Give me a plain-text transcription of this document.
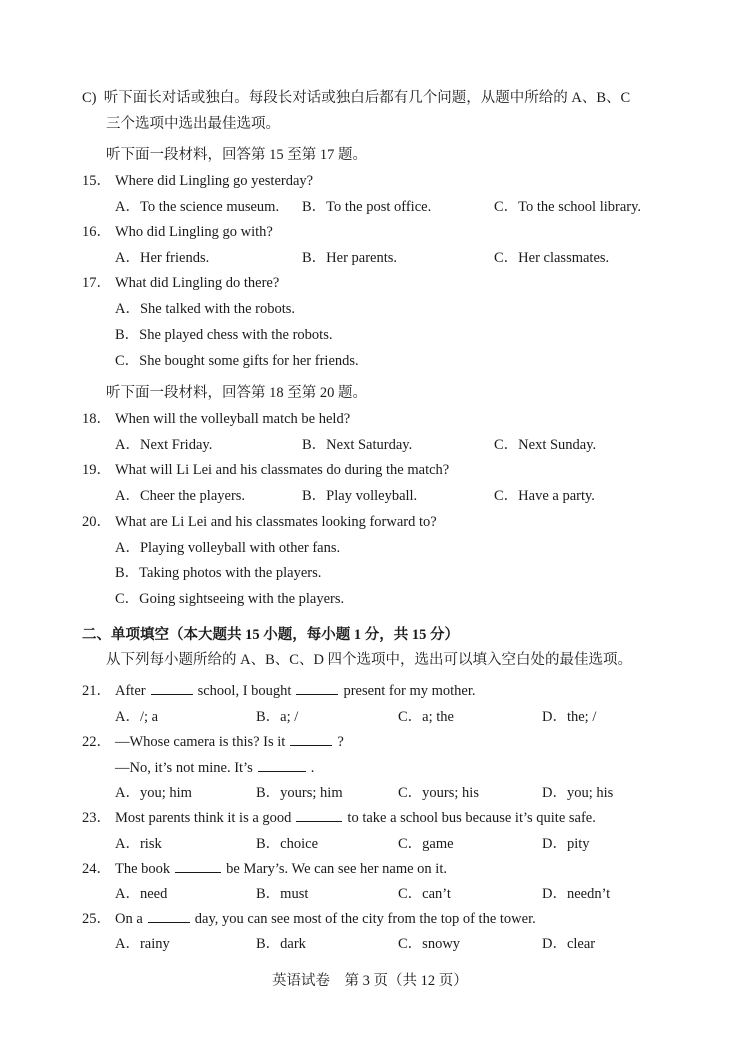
C)  听下面长对话或独白。每段长对话或独白后都有几个问题，从题中所给的 A、B、C
三个选项中选出最佳选项。
听下面一段材料，回答第 15 至第 17 题。
15． Where did Lingling go yesterday?
A．To the science museum. B．To the post office.	C．To the school library.
16． Who did Lingling go with?
A．Her friends.	B．Her parents.	C．Her classmates.
17． What did Lingling do there?
A．She talked with the robots.
B．She played chess with the robots.
C．She bought some gifts for her friends.
听下面一段材料，回答第 18 至第 20 题。
18． When will the volleyball match be held?
A．Next Friday.	B．Next Saturday.	C．Next Sunday.
19． What will Li Lei and his classmates do during the match?
A．Cheer the players.	B．Play volleyball.	C．Have a party.
20． What are Li Lei and his classmates looking forward to?
A．Playing volleyball with other fans.
B．Taking photos with the players.
C．Going sightseeing with the players.
二、单项填空（本大题共 15 小题，每小题 1 分，共 15 分）
从下列每小题所给的 A、B、C、D 四个选项中，选出可以填入空白处的最佳选项。
21． After	school, I bought	present for my mother.
A．/; a	B．a; /	C．a; the	D．the; /
22． —Whose camera is this? Is it	?
—No, it’s not mine. It’s	.
A．you; him	B．yours; him	C．yours; his	D．you; his
23． Most parents think it is a good	to take a school bus because it’s quite safe.
A．risk	B．choice	C．game	D．pity
24． The book	be Mary’s. We can see her name on it.
A．need	B．must	C．can’t	D．needn’t
25． On a	day, you can see most of the city from the top of the tower.
A．rainy	B．dark	C．snowy	D．clear
英语试卷　第 3 页（共 12 页）
